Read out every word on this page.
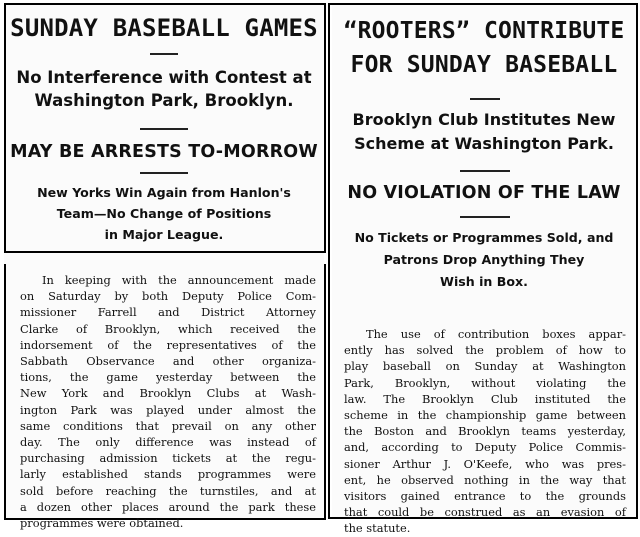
SUNDAY BASEBALL GAMES

No Interference with Contest at
Washington Park, Brooklyn.

MAY BE ARRESTS TO-MORROW

New Yorks Win Again from Hanlon's
Team—No Change of Positions
in Major League.

In keeping with the announcement made
on Saturday by both Deputy Police Com-
missioner Farrell and District Attorney
Clarke of Brooklyn, which received the
indorsement of the representatives of the
Sabbath Observance and other organiza-
tions, the game yesterday between the
New York and Brooklyn Clubs at Wash-
ington Park was played under almost the
same conditions that prevail on any other
day. The only difference was instead of
purchasing admission tickets at the regu-
larly established stands programmes were
sold before reaching the turnstiles, and at
a dozen other places around the park these
programmes were obtained.
“ROOTERS” CONTRIBUTE
FOR SUNDAY BASEBALL

Brooklyn Club Institutes New
Scheme at Washington Park.

NO VIOLATION OF THE LAW

No Tickets or Programmes Sold, and
Patrons Drop Anything They
Wish in Box.

The use of contribution boxes appar-
ently has solved the problem of how to
play baseball on Sunday at Washington
Park, Brooklyn, without violating the
law. The Brooklyn Club instituted the
scheme in the championship game between
the Boston and Brooklyn teams yesterday,
and, according to Deputy Police Commis-
sioner Arthur J. O'Keefe, who was pres-
ent, he observed nothing in the way that
visitors gained entrance to the grounds
that could be construed as an evasion of
the statute.
